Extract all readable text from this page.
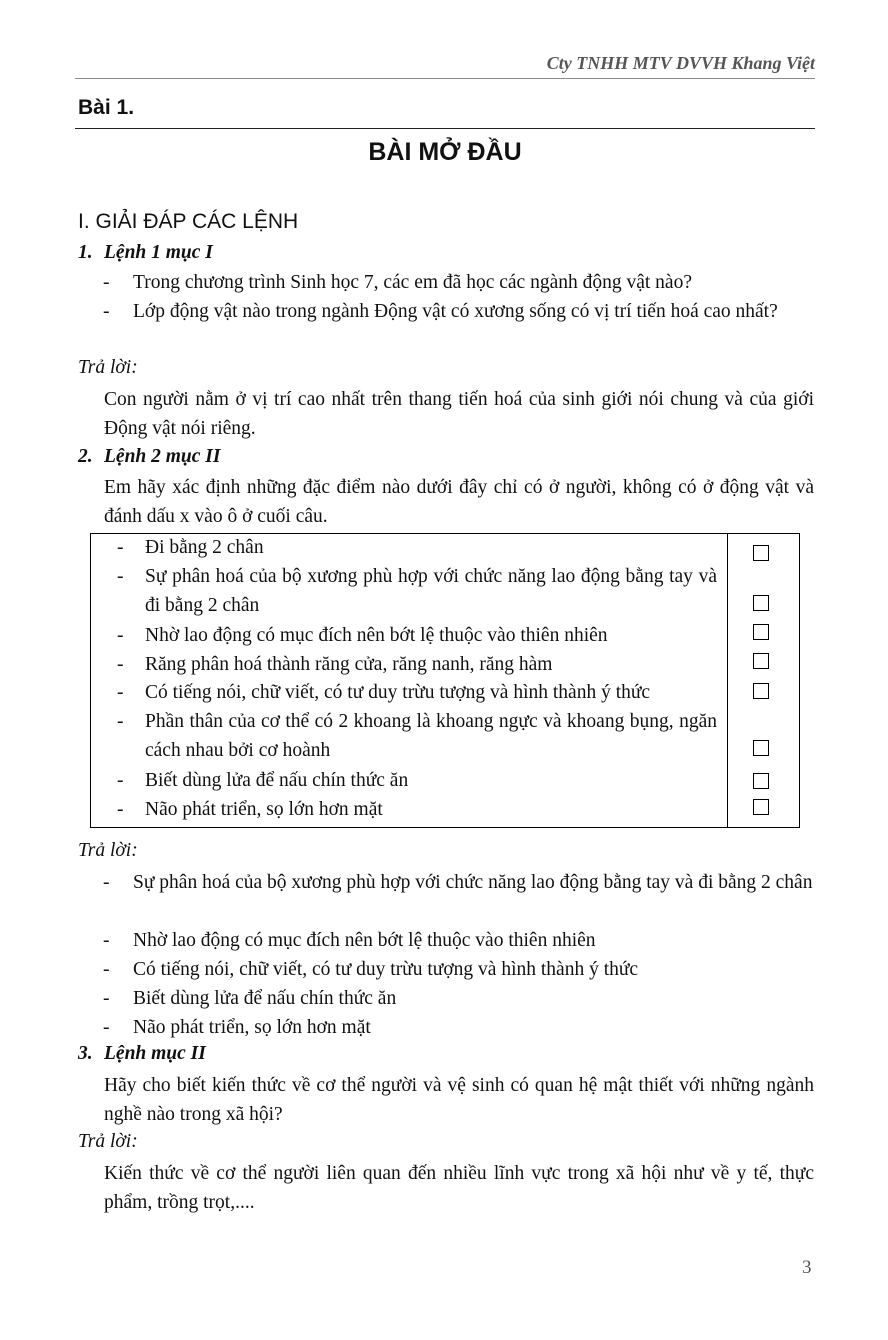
Cty TNHH MTV DVVH Khang Việt
Bài 1.
BÀI MỞ ĐẦU
I. GIẢI ĐÁP CÁC LỆNH
1. Lệnh 1 mục I
- Trong chương trình Sinh học 7, các em đã học các ngành động vật nào?
- Lớp động vật nào trong ngành Động vật có xương sống có vị trí tiến hoá cao nhất?
Trả lời:
Con người nằm ở vị trí cao nhất trên thang tiến hoá của sinh giới nói chung và của giới Động vật nói riêng.
2. Lệnh 2 mục II
Em hãy xác định những đặc điểm nào dưới đây chỉ có ở người, không có ở động vật và đánh dấu x vào ô ở cuối câu.
- Đi bằng 2 chân
- Sự phân hoá của bộ xương phù hợp với chức năng lao động bằng tay và đi bằng 2 chân
- Nhờ lao động có mục đích nên bớt lệ thuộc vào thiên nhiên
- Răng phân hoá thành răng cửa, răng nanh, răng hàm
- Có tiếng nói, chữ viết, có tư duy trừu tượng và hình thành ý thức
- Phần thân của cơ thể có 2 khoang là khoang ngực và khoang bụng, ngăn cách nhau bởi cơ hoành
- Biết dùng lửa để nấu chín thức ăn
- Não phát triển, sọ lớn hơn mặt
Trả lời:
- Sự phân hoá của bộ xương phù hợp với chức năng lao động bằng tay và đi bằng 2 chân
- Nhờ lao động có mục đích nên bớt lệ thuộc vào thiên nhiên
- Có tiếng nói, chữ viết, có tư duy trừu tượng và hình thành ý thức
- Biết dùng lửa để nấu chín thức ăn
- Não phát triển, sọ lớn hơn mặt
3. Lệnh mục II
Hãy cho biết kiến thức về cơ thể người và vệ sinh có quan hệ mật thiết với những ngành nghề nào trong xã hội?
Trả lời:
Kiến thức về cơ thể người liên quan đến nhiều lĩnh vực trong xã hội như về y tế, thực phẩm, trồng trọt,....
3
